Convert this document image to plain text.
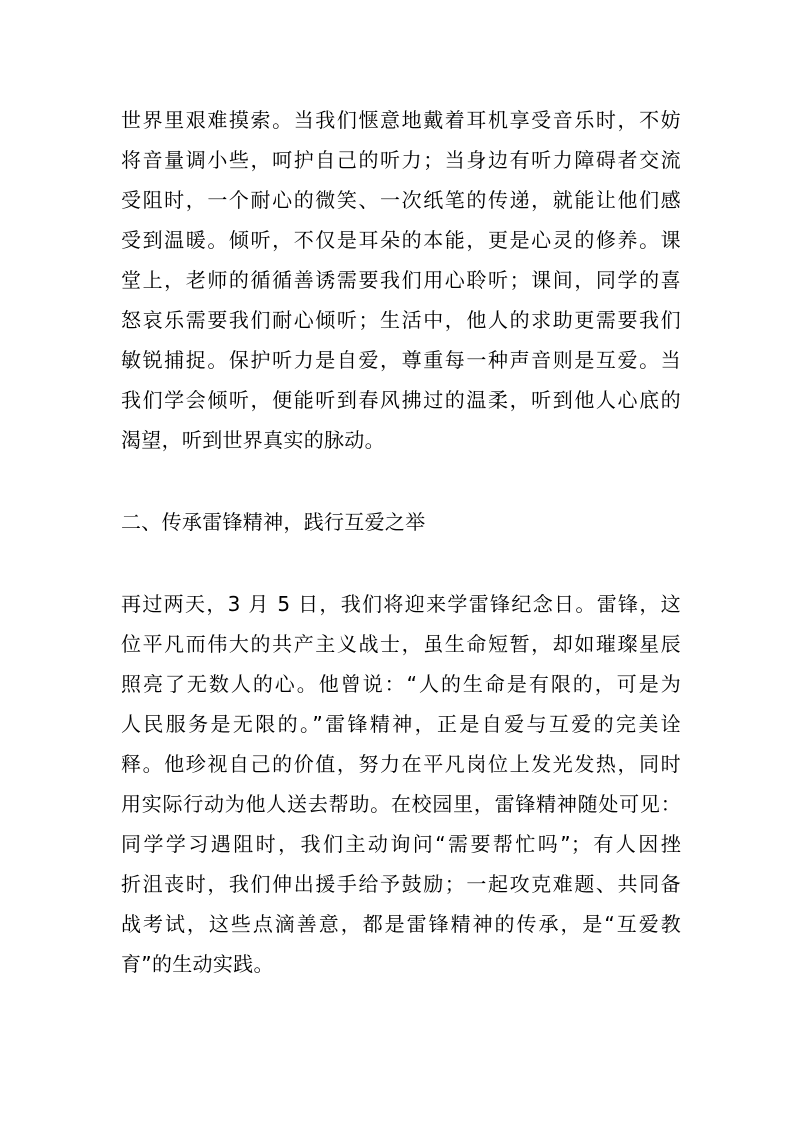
世界里艰难摸索。当我们惬意地戴着耳机享受音乐时，不妨
将音量调小些，呵护自己的听力；当身边有听力障碍者交流
受阻时，一个耐心的微笑、一次纸笔的传递，就能让他们感
受到温暖。倾听，不仅是耳朵的本能，更是心灵的修养。课
堂上，老师的循循善诱需要我们用心聆听；课间，同学的喜
怒哀乐需要我们耐心倾听；生活中，他人的求助更需要我们
敏锐捕捉。保护听力是自爱，尊重每一种声音则是互爱。当
我们学会倾听，便能听到春风拂过的温柔，听到他人心底的
渴望，听到世界真实的脉动。
二、传承雷锋精神，践行互爱之举
再过两天，3 月 5 日，我们将迎来学雷锋纪念日。雷锋，这
位平凡而伟大的共产主义战士，虽生命短暂，却如璀璨星辰
照亮了无数人的心。他曾说：“人的生命是有限的，可是为
人民服务是无限的。”雷锋精神，正是自爱与互爱的完美诠
释。他珍视自己的价值，努力在平凡岗位上发光发热，同时
用实际行动为他人送去帮助。在校园里，雷锋精神随处可见：
同学学习遇阻时，我们主动询问“需要帮忙吗”；有人因挫
折沮丧时，我们伸出援手给予鼓励；一起攻克难题、共同备
战考试，这些点滴善意，都是雷锋精神的传承，是“互爱教
育”的生动实践。
